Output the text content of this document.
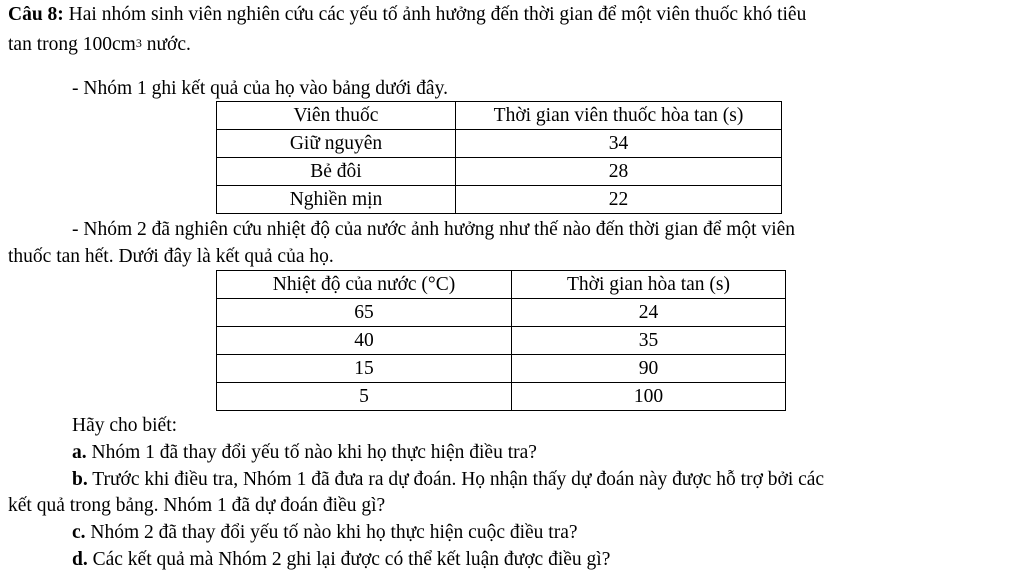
Câu 8: Hai nhóm sinh viên nghiên cứu các yếu tố ảnh hưởng đến thời gian để một viên thuốc khó tiêu
tan trong $100cm^3$ nước.
- Nhóm 1 ghi kết quả của họ vào bảng dưới đây.
Viên thuốc	Thời gian viên thuốc hòa tan (s)
Giữ nguyên	34
Bẻ đôi	28
Nghiền mịn	22
- Nhóm 2 đã nghiên cứu nhiệt độ của nước ảnh hưởng như thế nào đến thời gian để một viên
thuốc tan hết. Dưới đây là kết quả của họ.
Nhiệt độ của nước (°C)	Thời gian hòa tan (s)
65	24
40	35
15	90
5	100
Hãy cho biết:
a. Nhóm 1 đã thay đổi yếu tố nào khi họ thực hiện điều tra?
b. Trước khi điều tra, Nhóm 1 đã đưa ra dự đoán. Họ nhận thấy dự đoán này được hỗ trợ bởi các
kết quả trong bảng. Nhóm 1 đã dự đoán điều gì?
c. Nhóm 2 đã thay đổi yếu tố nào khi họ thực hiện cuộc điều tra?
d. Các kết quả mà Nhóm 2 ghi lại được có thể kết luận được điều gì?
